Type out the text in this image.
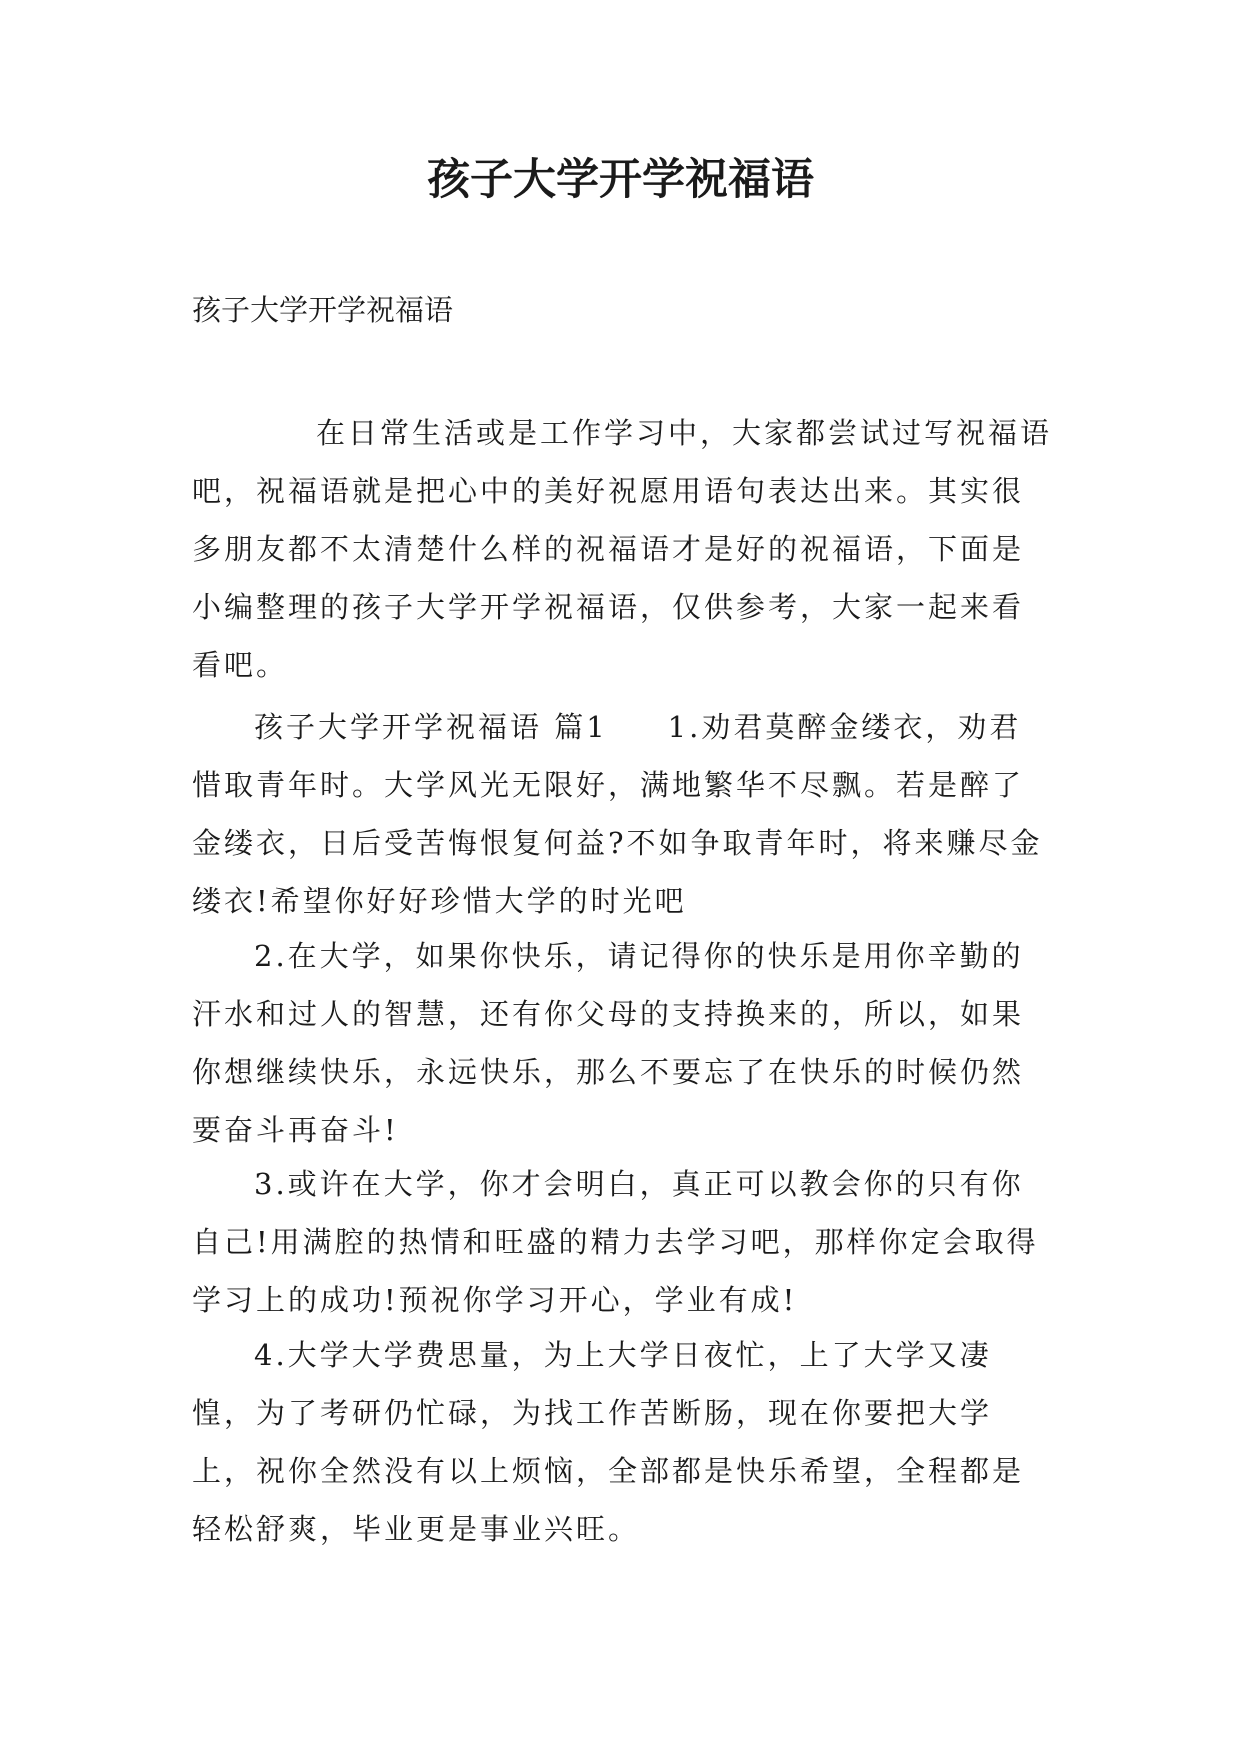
孩子大学开学祝福语

孩子大学开学祝福语

在日常生活或是工作学习中，大家都尝试过写祝福语吧，祝福语就是把心中的美好祝愿用语句表达出来。其实很多朋友都不太清楚什么样的祝福语才是好的祝福语，下面是小编整理的孩子大学开学祝福语，仅供参考，大家一起来看看吧。

孩子大学开学祝福语 篇1 1.劝君莫醉金缕衣，劝君惜取青年时。大学风光无限好，满地繁华不尽飘。若是醉了金缕衣，日后受苦悔恨复何益?不如争取青年时，将来赚尽金缕衣!希望你好好珍惜大学的时光吧

2.在大学，如果你快乐，请记得你的快乐是用你辛勤的汗水和过人的智慧，还有你父母的支持换来的，所以，如果你想继续快乐，永远快乐，那么不要忘了在快乐的时候仍然要奋斗再奋斗!

3.或许在大学，你才会明白，真正可以教会你的只有你自己!用满腔的热情和旺盛的精力去学习吧，那样你定会取得学习上的成功!预祝你学习开心，学业有成!

4.大学大学费思量，为上大学日夜忙，上了大学又凄惶，为了考研仍忙碌，为找工作苦断肠，现在你要把大学上，祝你全然没有以上烦恼，全部都是快乐希望，全程都是轻松舒爽，毕业更是事业兴旺。
